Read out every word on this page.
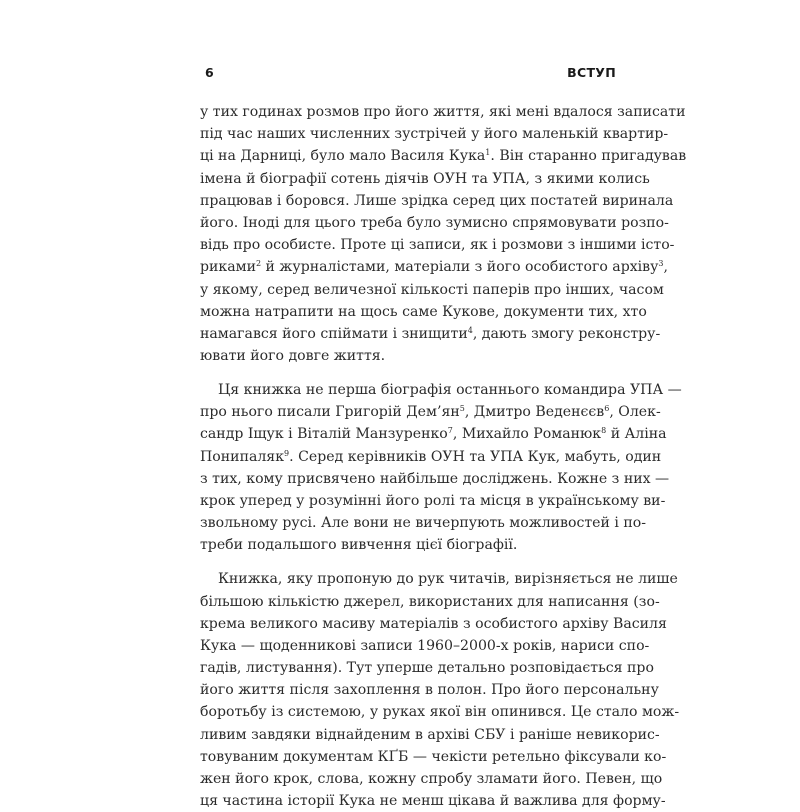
6	ВСТУП
у тих годинах розмов про його життя, які мені вдалося записати
під час наших численних зустрічей у його маленькій квартир-
ці на Дарниці, було мало Василя Кука$^1$. Він старанно пригадував
імена й біографії сотень діячів ОУН та УПА, з якими колись
працював і боровся. Лише зрідка серед цих постатей виринала
його. Іноді для цього треба було зумисно спрямовувати розпо-
відь про особисте. Проте ці записи, як і розмови з іншими істо-
риками$^2$ й журналістами, матеріали з його особистого архіву$^3$,
у якому, серед величезної кількості паперів про інших, часом
можна натрапити на щось саме Кукове, документи тих, хто
намагався його спіймати і знищити$^4$, дають змогу реконстру-
ювати його довге життя.
Ця книжка не перша біографія останнього командира УПА —
про нього писали Григорій $Дем’ян^5$, Дмитро Веденєєв$^6$, Олек-
сандр Іщук і Віталій Манзуренко$^7$, Михайло Романюк$^8$ й Аліна
Понипаляк$^9$. Серед керівників ОУН та УПА Кук, мабуть, один
з тих, кому присвячено найбільше досліджень. Кожне з них —
крок уперед у розумінні його ролі та місця в українському ви-
звольному русі. Але вони не вичерпують можливостей і по-
треби подальшого вивчення цієї біографії.
Книжка, яку пропоную до рук читачів, вирізняється не лише
більшою кількістю джерел, використаних для написання (зо-
крема великого масиву матеріалів з особистого архіву Василя
Кука — щоденникові записи 1960–2000-х років, нариси спо-
гадів, листування). Тут уперше детально розповідається про
його життя після захоплення в полон. Про його персональну
боротьбу із системою, у руках якої він опинився. Це стало мож-
ливим завдяки віднайденим в архіві СБУ і раніше невикорис-
товуваним документам КҐБ — чекісти ретельно фіксували ко-
жен його крок, слова, кожну спробу зламати його. Певен, що
ця частина історії Кука не менш цікава й важлива для форму-
